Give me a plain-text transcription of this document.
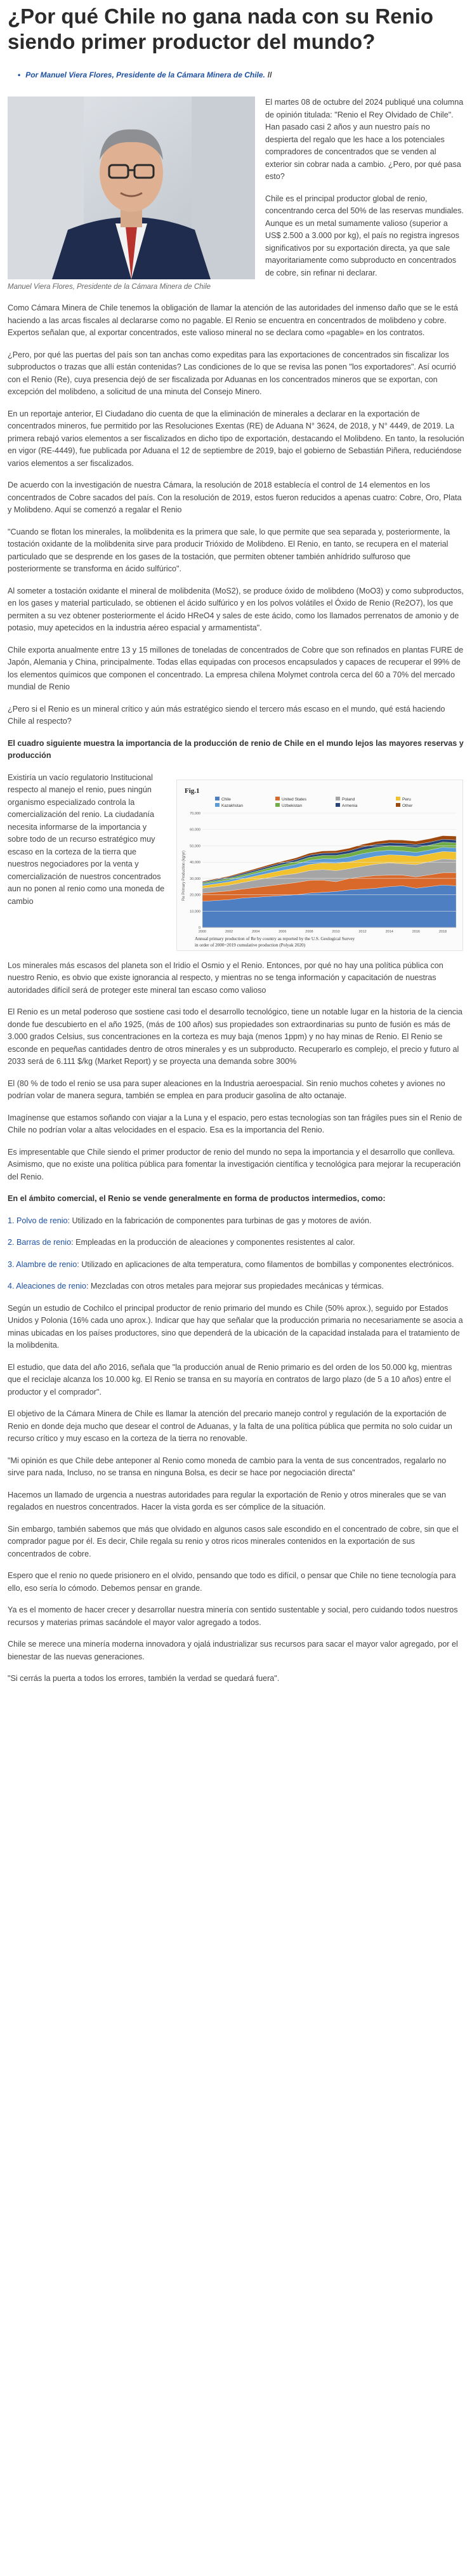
¿Por qué Chile no gana nada con su Renio siendo primer productor del mundo?
• Por Manuel Viera Flores, Presidente de la Cámara Minera de Chile. //
Manuel Viera Flores, Presidente de la Cámara Minera de Chile

El martes 08 de octubre del 2024 publiqué una columna de opinión titulada: "Renio el Rey Olvidado de Chile". Han pasado casi 2 años y aun nuestro país no despierta del regalo que les hace a los potenciales compradores de concentrados que se venden al exterior sin cobrar nada a cambio. ¿Pero, por qué pasa esto?

Chile es el principal productor global de renio, concentrando cerca del 50% de las reservas mundiales. Aunque es un metal sumamente valioso (superior a US$ 2.500 a 3.000 por kg), el país no registra ingresos significativos por su exportación directa, ya que sale mayoritariamente como subproducto en concentrados de cobre, sin refinar ni declarar.

Como Cámara Minera de Chile tenemos la obligación de llamar la atención de las autoridades del inmenso daño que se le está haciendo a las arcas fiscales al declararse como no pagable. El Renio se encuentra en concentrados de molibdeno y cobre. Expertos señalan que, al exportar concentrados, este valioso mineral no se declara como «pagable» en los contratos.

¿Pero, por qué las puertas del país son tan anchas como expeditas para las exportaciones de concentrados sin fiscalizar los subproductos o trazas que allí están contenidas? Las condiciones de lo que se revisa las ponen "los exportadores". Así ocurrió con el Renio (Re), cuya presencia dejó de ser fiscalizada por Aduanas en los concentrados mineros que se exportan, con excepción del molibdeno, a solicitud de una minuta del Consejo Minero.

En un reportaje anterior, El Ciudadano dio cuenta de que la eliminación de minerales a declarar en la exportación de concentrados mineros, fue permitido por las Resoluciones Exentas (RE) de Aduana N° 3624, de 2018, y N° 4449, de 2019. La primera rebajó varios elementos a ser fiscalizados en dicho tipo de exportación, destacando el Molibdeno. En tanto, la resolución en vigor (RE-4449), fue publicada por Aduana el 12 de septiembre de 2019, bajo el gobierno de Sebastián Piñera, reduciéndose varios elementos a ser fiscalizados.

De acuerdo con la investigación de nuestra Cámara, la resolución de 2018 establecía el control de 14 elementos en los concentrados de Cobre sacados del país. Con la resolución de 2019, estos fueron reducidos a apenas cuatro: Cobre, Oro, Plata y Molibdeno. Aquí se comenzó a regalar el Renio

"Cuando se flotan los minerales, la molibdenita es la primera que sale, lo que permite que sea separada y, posteriormente, la tostación oxidante de la molibdenita sirve para producir Trióxido de Molibdeno. El Renio, en tanto, se recupera en el material particulado que se desprende en los gases de la tostación, que permiten obtener también anhídrido sulfuroso que posteriormente se transforma en ácido sulfúrico".

Al someter a tostación oxidante el mineral de molibdenita (MoS2), se produce óxido de molibdeno (MoO3) y como subproductos, en los gases y material particulado, se obtienen el ácido sulfúrico y en los polvos volátiles el Óxido de Renio (Re2O7), los que permiten a su vez obtener posteriormente el ácido HReO4 y sales de este ácido, como los llamados perrenatos de amonio y de potasio, muy apetecidos en la industria aéreo espacial y armamentista".

Chile exporta anualmente entre 13 y 15 millones de toneladas de concentrados de Cobre que son refinados en plantas FURE de Japón, Alemania y China, principalmente. Todas ellas equipadas con procesos encapsulados y capaces de recuperar el 99% de los elementos químicos que componen el concentrado. La empresa chilena Molymet controla cerca del 60 a 70% del mercado mundial de Renio

¿Pero si el Renio es un mineral crítico y aún más estratégico siendo el tercero más escaso en el mundo, qué está haciendo Chile al respecto?

El cuadro siguiente muestra la importancia de la producción de renio de Chile en el mundo lejos las mayores reservas y producción

Existiría un vacío regulatorio Institucional respecto al manejo el renio, pues ningún organismo especializado controla la comercialización del renio. La ciudadanía necesita informarse de la importancia y sobre todo de un recurso estratégico muy escaso en la corteza de la tierra que nuestros negociadores por la venta y comercialización de nuestros concentrados aun no ponen al renio como una moneda de cambio

Fig.1
Chile	United States	Poland	Peru
Kazakhstan	Uzbekistan	Armenia	Other
0
10,000
20,000
30,000
40,000
50,000
60,000
70,000
2000	2002	2004	2006	2008	2010	2012	2014	2016	2018
Re Primary Production (kg/yr)
Annual primary production of Re by country as reported by the U.S. Geological Survey
in order of 2000~2019 cumulative production (Polyak 2020)

Los minerales más escasos del planeta son el Iridio el Osmio y el Renio. Entonces, por qué no hay una política pública con nuestro Renio, es obvio que existe ignorancia al respecto, y mientras no se tenga información y capacitación de nuestras autoridades difícil será de proteger este mineral tan escaso como valioso

El Renio es un metal poderoso que sostiene casi todo el desarrollo tecnológico, tiene un notable lugar en la historia de la ciencia donde fue descubierto en el año 1925, (más de 100 años) sus propiedades son extraordinarias su punto de fusión es más de 3.000 grados Celsius, sus concentraciones en la corteza es muy baja (menos 1ppm) y no hay minas de Renio. El Renio se esconde en pequeñas cantidades dentro de otros minerales y es un subproducto. Recuperarlo es complejo, el precio y futuro al 2033 será de 6.111 $/kg (Market Report) y se proyecta una demanda sobre 300%

El (80 % de todo el renio se usa para super aleaciones en la Industria aeroespacial. Sin renio muchos cohetes y aviones no podrían volar de manera segura, también se emplea en para producir gasolina de alto octanaje.

Imagínense que estamos soñando con viajar a la Luna y el espacio, pero estas tecnologías son tan frágiles pues sin el Renio de Chile no podrían volar a altas velocidades en el espacio. Esa es la importancia del Renio.

Es impresentable que Chile siendo el primer productor de renio del mundo no sepa la importancia y el desarrollo que conlleva. Asimismo, que no existe una política pública para fomentar la investigación científica y tecnológica para mejorar la recuperación del Renio.

En el ámbito comercial, el Renio se vende generalmente en forma de productos intermedios, como:

1. Polvo de renio: Utilizado en la fabricación de componentes para turbinas de gas y motores de avión.

2. Barras de renio: Empleadas en la producción de aleaciones y componentes resistentes al calor.

3. Alambre de renio: Utilizado en aplicaciones de alta temperatura, como filamentos de bombillas y componentes electrónicos.

4. Aleaciones de renio: Mezcladas con otros metales para mejorar sus propiedades mecánicas y térmicas.

Según un estudio de Cochilco el principal productor de renio primario del mundo es Chile (50% aprox.), seguido por Estados Unidos y Polonia (16% cada uno aprox.). Indicar que hay que señalar que la producción primaria no necesariamente se asocia a minas ubicadas en los países productores, sino que dependerá de la ubicación de la capacidad instalada para el tratamiento de la molibdenita.

El estudio, que data del año 2016, señala que "la producción anual de Renio primario es del orden de los 50.000 kg, mientras que el reciclaje alcanza los 10.000 kg. El Renio se transa en su mayoría en contratos de largo plazo (de 5 a 10 años) entre el productor y el comprador".

El objetivo de la Cámara Minera de Chile es llamar la atención del precario manejo control y regulación de la exportación de Renio en donde deja mucho que desear el control de Aduanas, y la falta de una política pública que permita no solo cuidar un recurso crítico y muy escaso en la corteza de la tierra no renovable.

"Mi opinión es que Chile debe anteponer al Renio como moneda de cambio para la venta de sus concentrados, regalarlo no sirve para nada, Incluso, no se transa en ninguna Bolsa, es decir se hace por negociación directa"

Hacemos un llamado de urgencia a nuestras autoridades para regular la exportación de Renio y otros minerales que se van regalados en nuestros concentrados. Hacer la vista gorda es ser cómplice de la situación.

Sin embargo, también sabemos que más que olvidado en algunos casos sale escondido en el concentrado de cobre, sin que el comprador pague por él. Es decir, Chile regala su renio y otros ricos minerales contenidos en la exportación de sus concentrados de cobre.

Espero que el renio no quede prisionero en el olvido, pensando que todo es difícil, o pensar que Chile no tiene tecnología para ello, eso sería lo cómodo. Debemos pensar en grande.

Ya es el momento de hacer crecer y desarrollar nuestra minería con sentido sustentable y social, pero cuidando todos nuestros recursos y materias primas sacándole el mayor valor agregado a todos.

Chile se merece una minería moderna innovadora y ojalá industrializar sus recursos para sacar el mayor valor agregado, por el bienestar de las nuevas generaciones.

"Si cerrás la puerta a todos los errores, también la verdad se quedará fuera".
